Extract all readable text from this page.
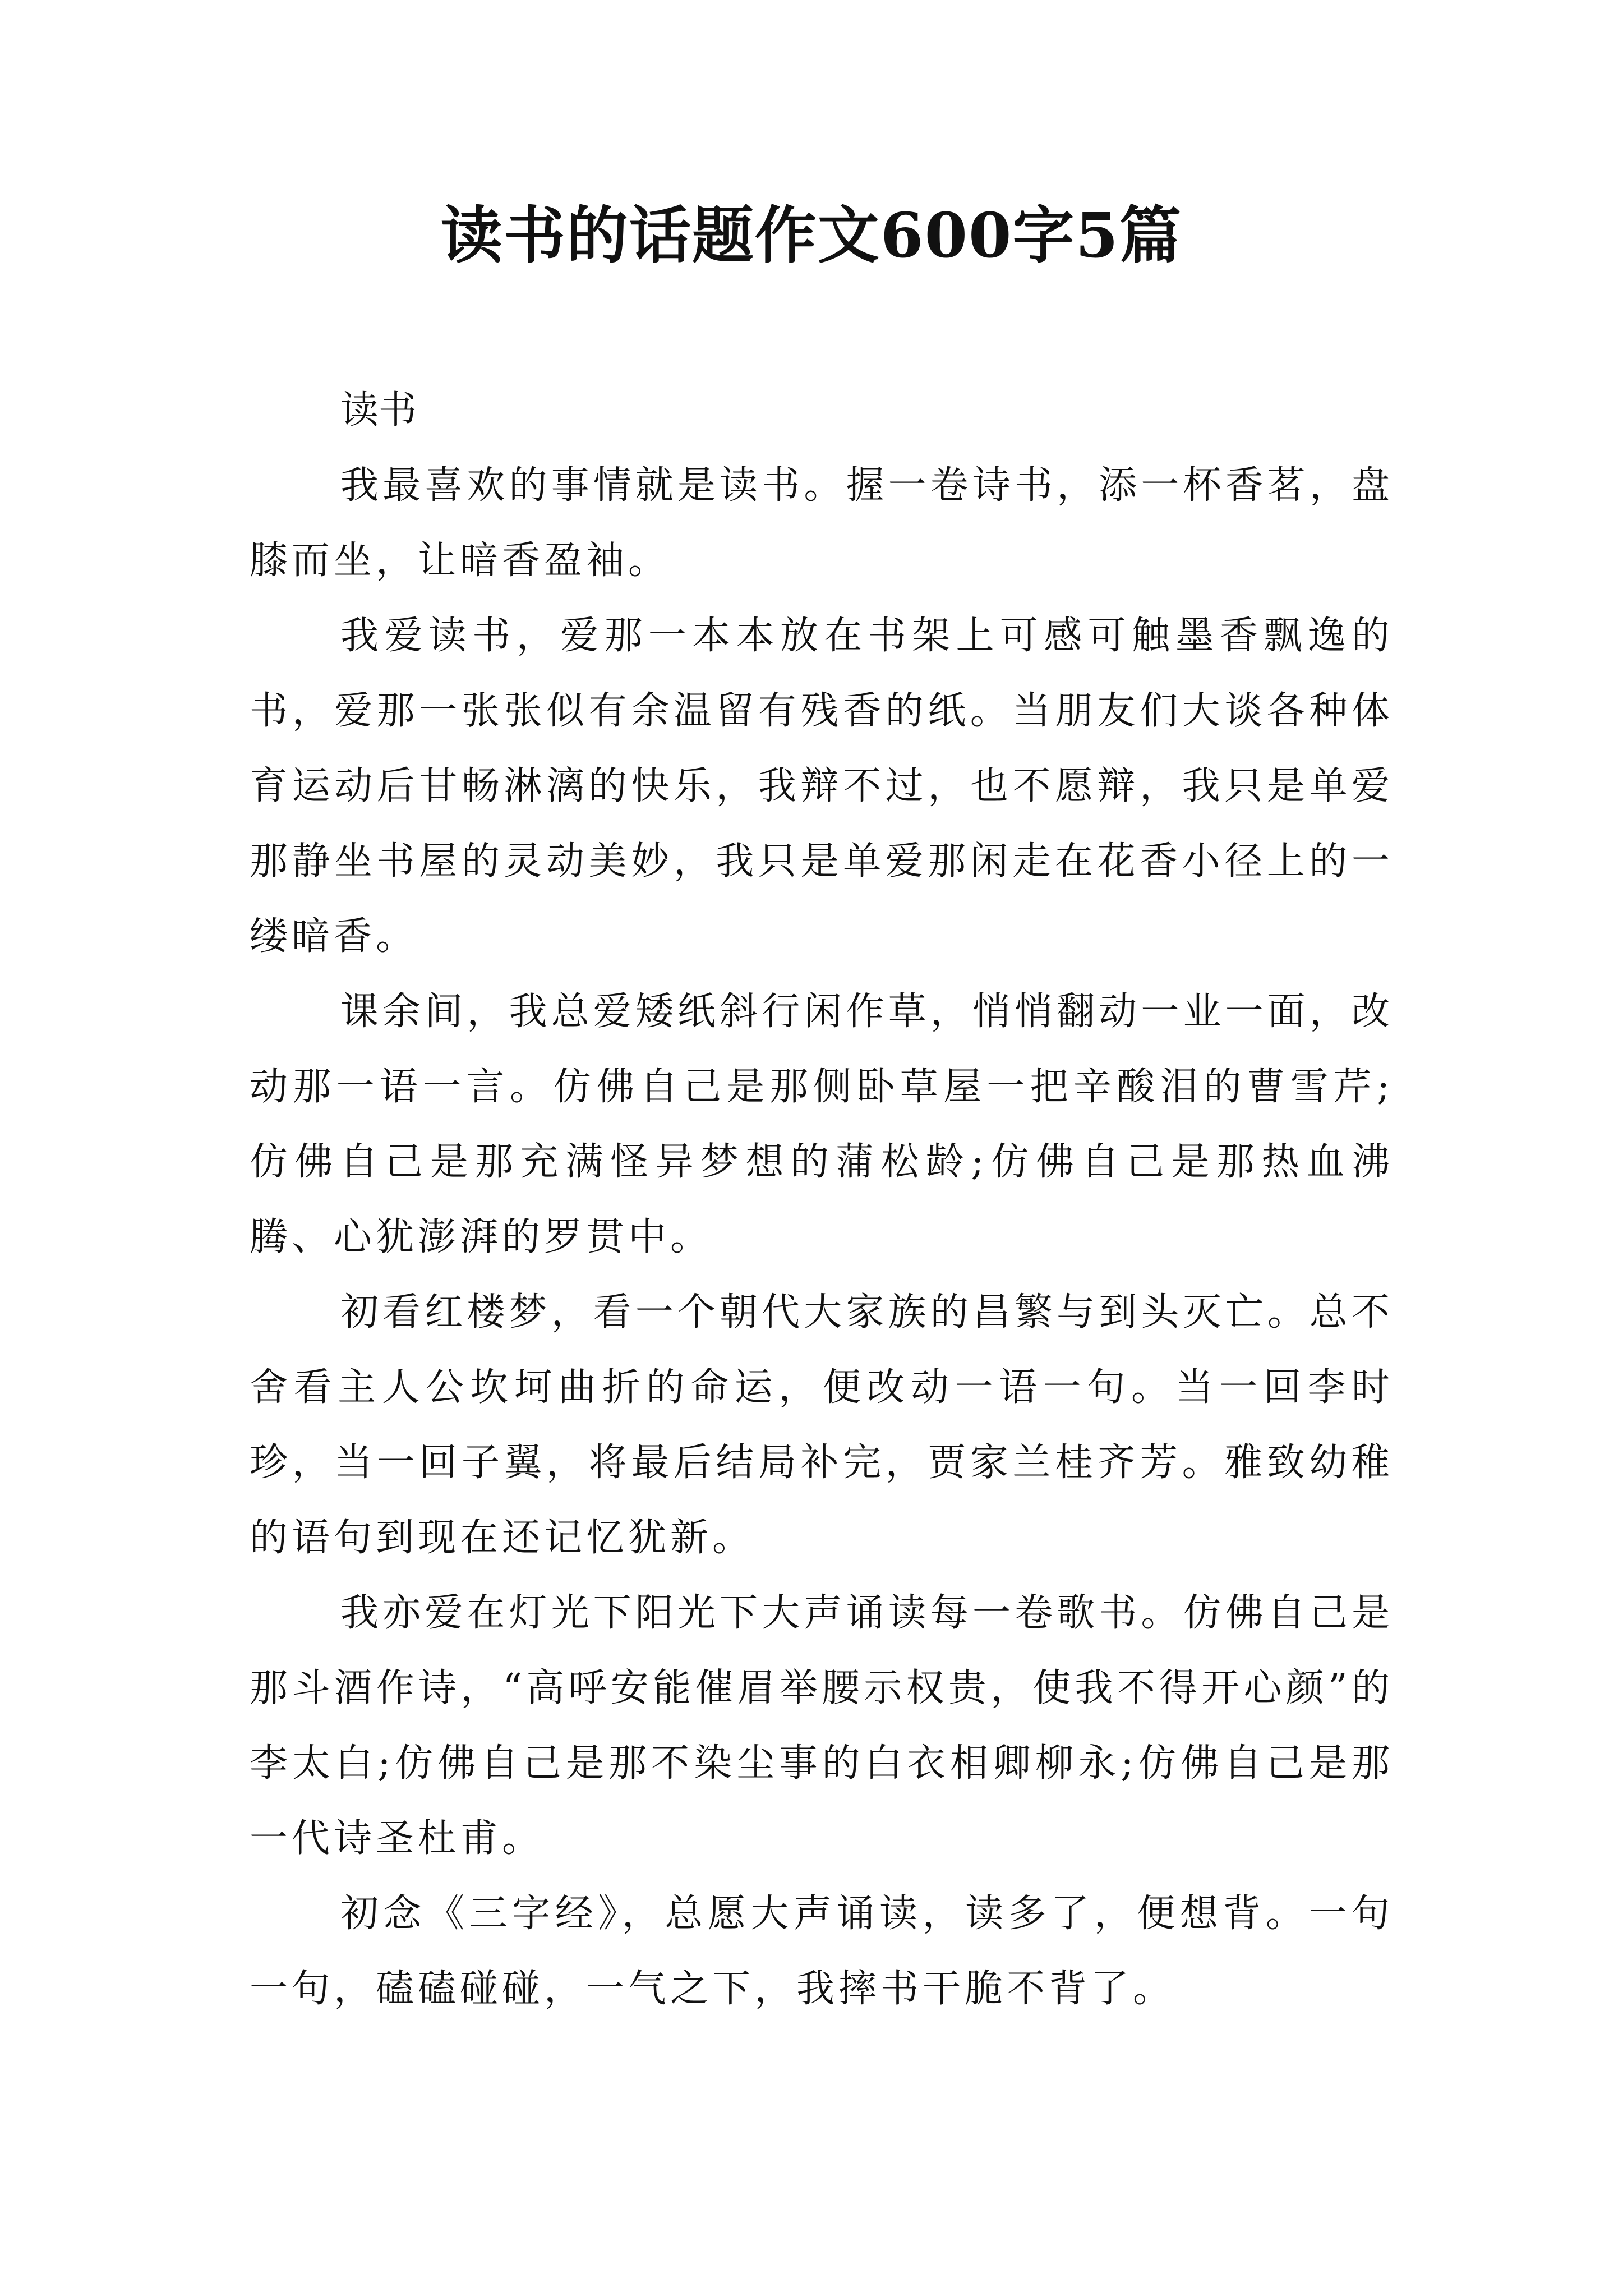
读书的话题作文600字5篇

读书

我最喜欢的事情就是读书。握一卷诗书，添一杯香茗，盘膝而坐，让暗香盈袖。

我爱读书，爱那一本本放在书架上可感可触墨香飘逸的书，爱那一张张似有余温留有残香的纸。当朋友们大谈各种体育运动后甘畅淋漓的快乐，我辩不过，也不愿辩，我只是单爱那静坐书屋的灵动美妙，我只是单爱那闲走在花香小径上的一缕暗香。

课余间，我总爱矮纸斜行闲作草，悄悄翻动一业一面，改动那一语一言。仿佛自己是那侧卧草屋一把辛酸泪的曹雪芹;仿佛自己是那充满怪异梦想的蒲松龄;仿佛自己是那热血沸腾、心犹澎湃的罗贯中。

初看红楼梦，看一个朝代大家族的昌繁与到头灭亡。总不舍看主人公坎坷曲折的命运，便改动一语一句。当一回李时珍，当一回子翼，将最后结局补完，贾家兰桂齐芳。雅致幼稚的语句到现在还记忆犹新。

我亦爱在灯光下阳光下大声诵读每一卷歌书。仿佛自己是那斗酒作诗，“高呼安能催眉举腰示权贵，使我不得开心颜”的李太白;仿佛自己是那不染尘事的白衣相卿柳永;仿佛自己是那一代诗圣杜甫。

初念《三字经》，总愿大声诵读，读多了，便想背。一句一句，磕磕碰碰，一气之下，我摔书干脆不背了。
